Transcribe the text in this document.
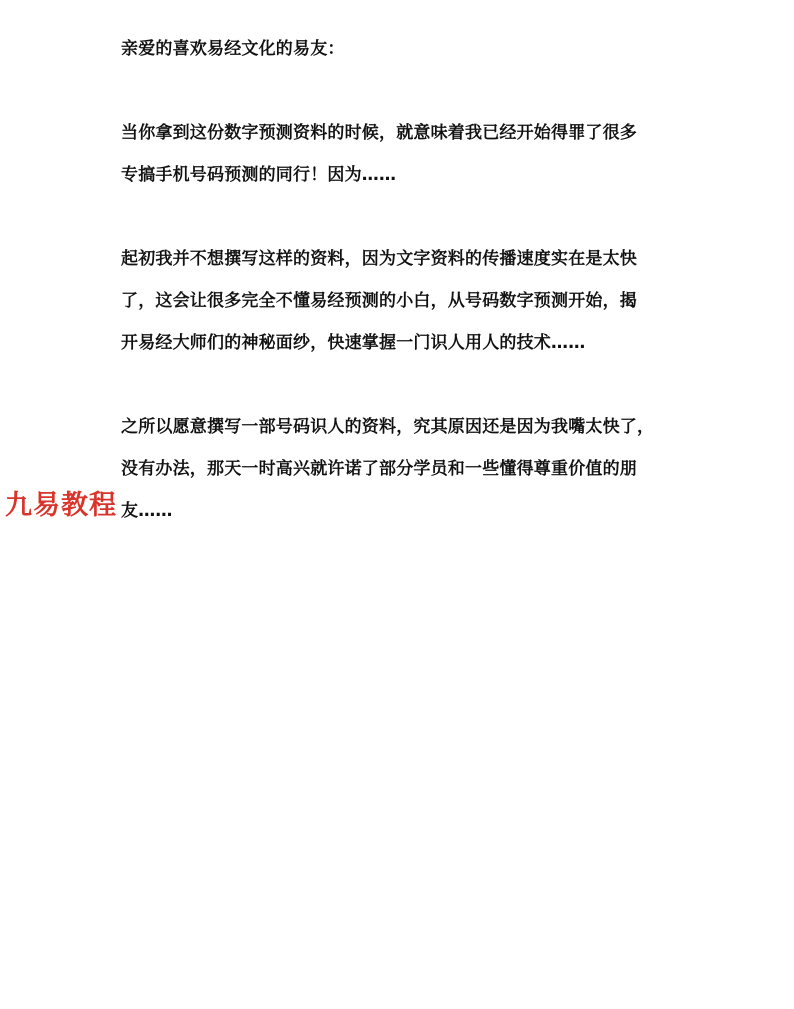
亲爱的喜欢易经文化的易友：
当你拿到这份数字预测资料的时候，就意味着我已经开始得罪了很多
专搞手机号码预测的同行！因为……
起初我并不想撰写这样的资料，因为文字资料的传播速度实在是太快
了，这会让很多完全不懂易经预测的小白，从号码数字预测开始，揭
开易经大师们的神秘面纱，快速掌握一门识人用人的技术……
之所以愿意撰写一部号码识人的资料，究其原因还是因为我嘴太快了，
没有办法，那天一时高兴就许诺了部分学员和一些懂得尊重价值的朋
友……
九易教程
